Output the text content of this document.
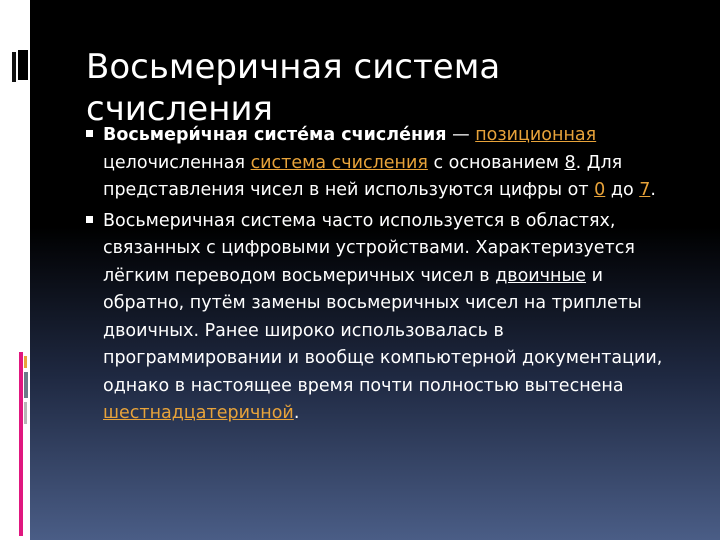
Восьмеричная система счисления
Восьмери́чная систе́ма счисле́ния — позиционная целочисленная система счисления с основанием 8. Для представления чисел в ней используются цифры от 0 до 7.
Восьмеричная система часто используется в областях, связанных с цифровыми устройствами. Характеризуется лёгким переводом восьмеричных чисел в двоичные и обратно, путём замены восьмеричных чисел на триплеты двоичных. Ранее широко использовалась в программировании и вообще компьютерной документации, однако в настоящее время почти полностью вытеснена шестнадцатеричной.
